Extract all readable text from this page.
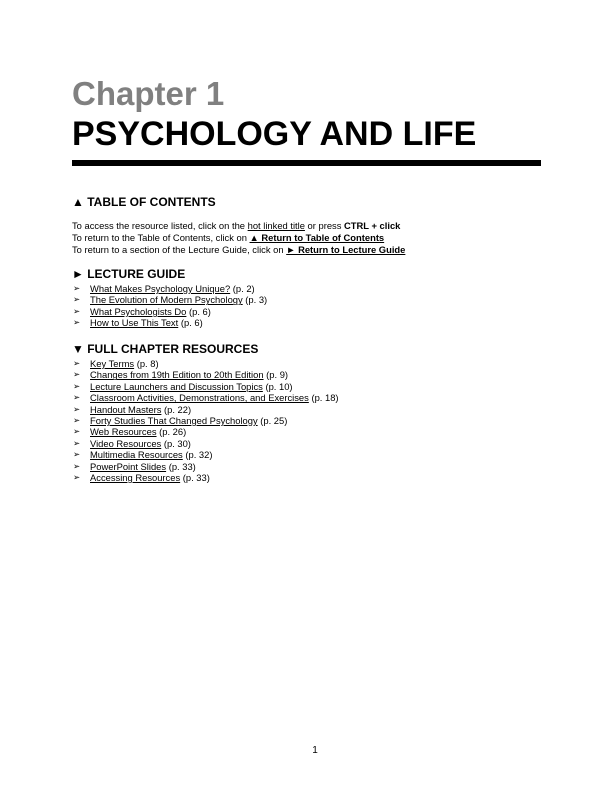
Chapter 1
PSYCHOLOGY AND LIFE
▲ TABLE OF CONTENTS
To access the resource listed, click on the hot linked title or press CTRL + click
To return to the Table of Contents, click on ▲ Return to Table of Contents
To return to a section of the Lecture Guide, click on ► Return to Lecture Guide
► LECTURE GUIDE
➢ What Makes Psychology Unique? (p. 2)
➢ The Evolution of Modern Psychology (p. 3)
➢ What Psychologists Do (p. 6)
➢ How to Use This Text (p. 6)
▼ FULL CHAPTER RESOURCES
➢ Key Terms (p. 8)
➢ Changes from 19th Edition to 20th Edition (p. 9)
➢ Lecture Launchers and Discussion Topics (p. 10)
➢ Classroom Activities, Demonstrations, and Exercises (p. 18)
➢ Handout Masters (p. 22)
➢ Forty Studies That Changed Psychology (p. 25)
➢ Web Resources (p. 26)
➢ Video Resources (p. 30)
➢ Multimedia Resources (p. 32)
➢ PowerPoint Slides (p. 33)
➢ Accessing Resources (p. 33)
1
